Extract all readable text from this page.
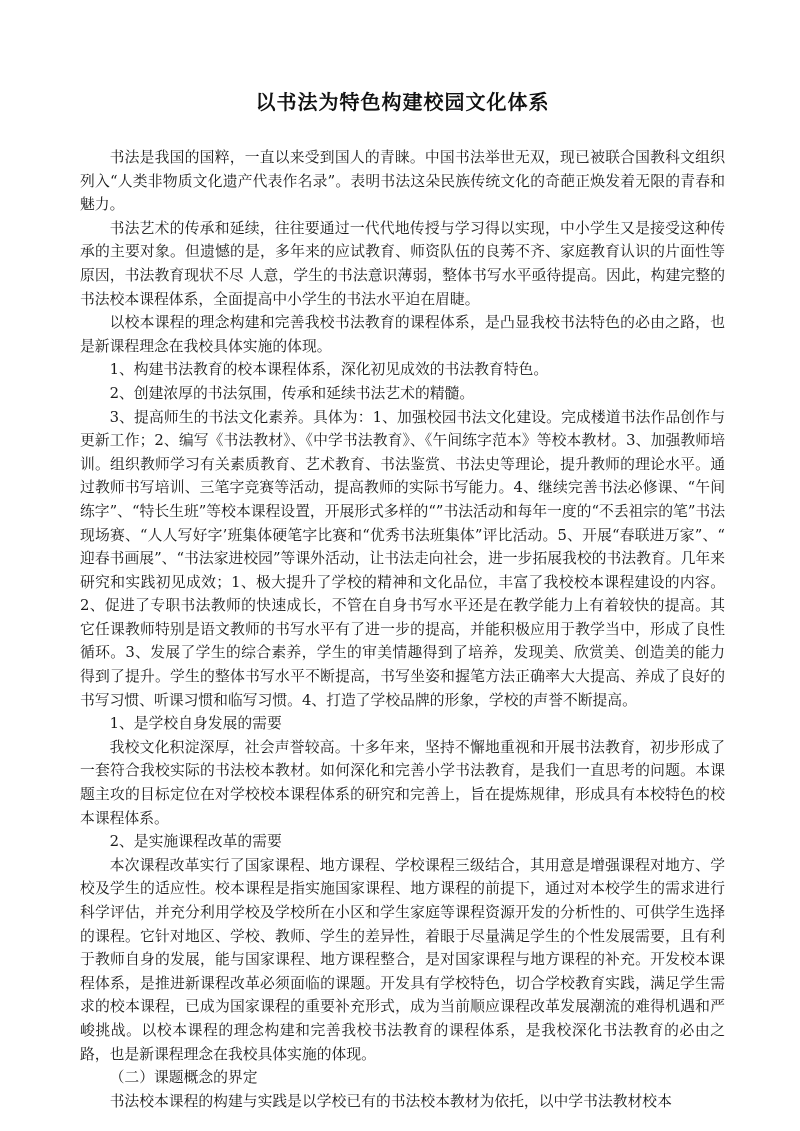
以书法为特色构建校园文化体系

书法是我国的国粹，一直以来受到国人的青睐。中国书法举世无双，现已被联合国教科文组织列入“人类非物质文化遗产代表作名录”。表明书法这朵民族传统文化的奇葩正焕发着无限的青春和魅力。

书法艺术的传承和延续，往往要通过一代代地传授与学习得以实现，中小学生又是接受这种传承的主要对象。但遗憾的是，多年来的应试教育、师资队伍的良莠不齐、家庭教育认识的片面性等原因，书法教育现状不尽 人意，学生的书法意识薄弱，整体书写水平亟待提高。因此，构建完整的书法校本课程体系，全面提高中小学生的书法水平迫在眉睫。

以校本课程的理念构建和完善我校书法教育的课程体系，是凸显我校书法特色的必由之路，也是新课程理念在我校具体实施的体现。

1、构建书法教育的校本课程体系，深化初见成效的书法教育特色。

2、创建浓厚的书法氛围，传承和延续书法艺术的精髓。

3、提高师生的书法文化素养。具体为：1、加强校园书法文化建设。完成楼道书法作品创作与更新工作；2、编写《书法教材》、《中学书法教育》、《午间练字范本》等校本教材。3、加强教师培训。组织教师学习有关素质教育、艺术教育、书法鉴赏、书法史等理论，提升教师的理论水平。通过教师书写培训、三笔字竞赛等活动，提高教师的实际书写能力。4、继续完善书法必修课、“午间练字”、“特长生班”等校本课程设置，开展形式多样的“”书法活动和每年一度的“不丢祖宗的笔”书法现场赛、“人人写好字’班集体硬笔字比赛和“优秀书法班集体”评比活动。5、开展“春联进万家”、“ 迎春书画展”、“书法家进校园”等课外活动，让书法走向社会，进一步拓展我校的书法教育。几年来研究和实践初见成效；1、极大提升了学校的精神和文化品位，丰富了我校校本课程建设的内容。2、促进了专职书法教师的快速成长，不管在自身书写水平还是在教学能力上有着较快的提高。其它任课教师特别是语文教师的书写水平有了进一步的提高，并能积极应用于教学当中，形成了良性循环。3、发展了学生的综合素养，学生的审美情趣得到了培养，发现美、欣赏美、创造美的能力得到了提升。学生的整体书写水平不断提高，书写坐姿和握笔方法正确率大大提高、养成了良好的书写习惯、听课习惯和临写习惯。4、打造了学校品牌的形象，学校的声誉不断提高。

1、是学校自身发展的需要

我校文化积淀深厚，社会声誉较高。十多年来，坚持不懈地重视和开展书法教育，初步形成了一套符合我校实际的书法校本教材。如何深化和完善小学书法教育，是我们一直思考的问题。本课题主攻的目标定位在对学校校本课程体系的研究和完善上，旨在提炼规律，形成具有本校特色的校本课程体系。

2、是实施课程改革的需要

本次课程改革实行了国家课程、地方课程、学校课程三级结合，其用意是增强课程对地方、学校及学生的适应性。校本课程是指实施国家课程、地方课程的前提下，通过对本校学生的需求进行科学评估，并充分利用学校及学校所在小区和学生家庭等课程资源开发的分析性的、可供学生选择的课程。它针对地区、学校、教师、学生的差异性，着眼于尽量满足学生的个性发展需要，且有利于教师自身的发展，能与国家课程、地方课程整合，是对国家课程与地方课程的补充。开发校本课程体系，是推进新课程改革必须面临的课题。开发具有学校特色，切合学校教育实践，满足学生需求的校本课程，已成为国家课程的重要补充形式，成为当前顺应课程改革发展潮流的难得机遇和严峻挑战。以校本课程的理念构建和完善我校书法教育的课程体系，是我校深化书法教育的必由之路，也是新课程理念在我校具体实施的体现。

（二）课题概念的界定

书法校本课程的构建与实践是以学校已有的书法校本教材为依托，以中学书法教材校本
